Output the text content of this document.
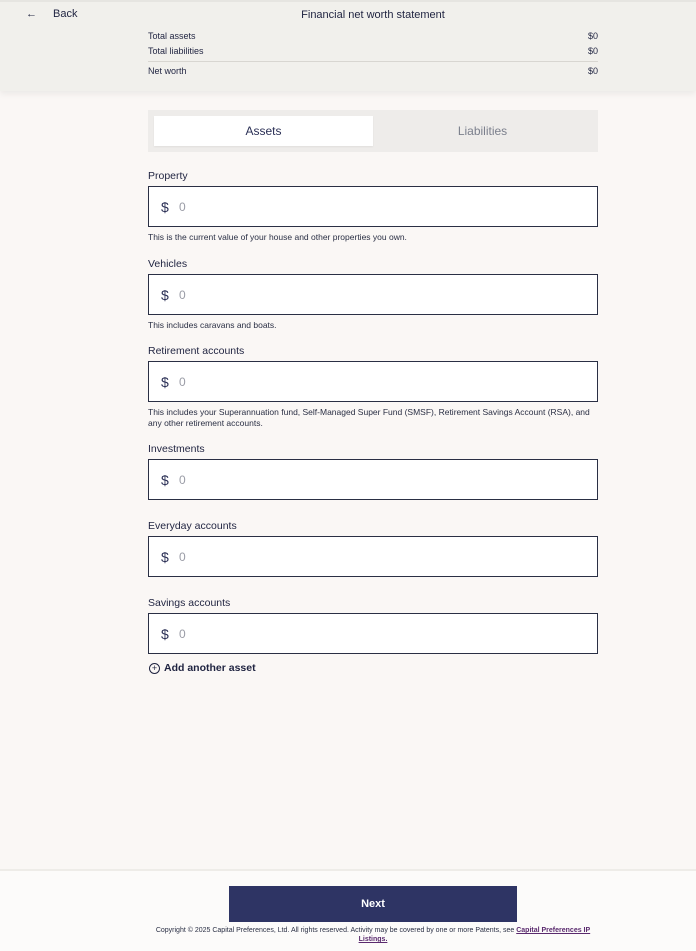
← Back	Financial net worth statement
Total assets	$0
Total liabilities	$0
Net worth	$0
Assets	Liabilities
Property
$
0
This is the current value of your house and other properties you own.
Vehicles
$
0
This includes caravans and boats.
Retirement accounts
$
0
This includes your Superannuation fund, Self-Managed Super Fund (SMSF), Retirement Savings Account (RSA), and any other retirement accounts.
Investments
$
0
Everyday accounts
$
0
Savings accounts
$
0
+ Add another asset
Next
Copyright © 2025 Capital Preferences, Ltd. All rights reserved. Activity may be covered by one or more Patents, see Capital Preferences IP Listings.
